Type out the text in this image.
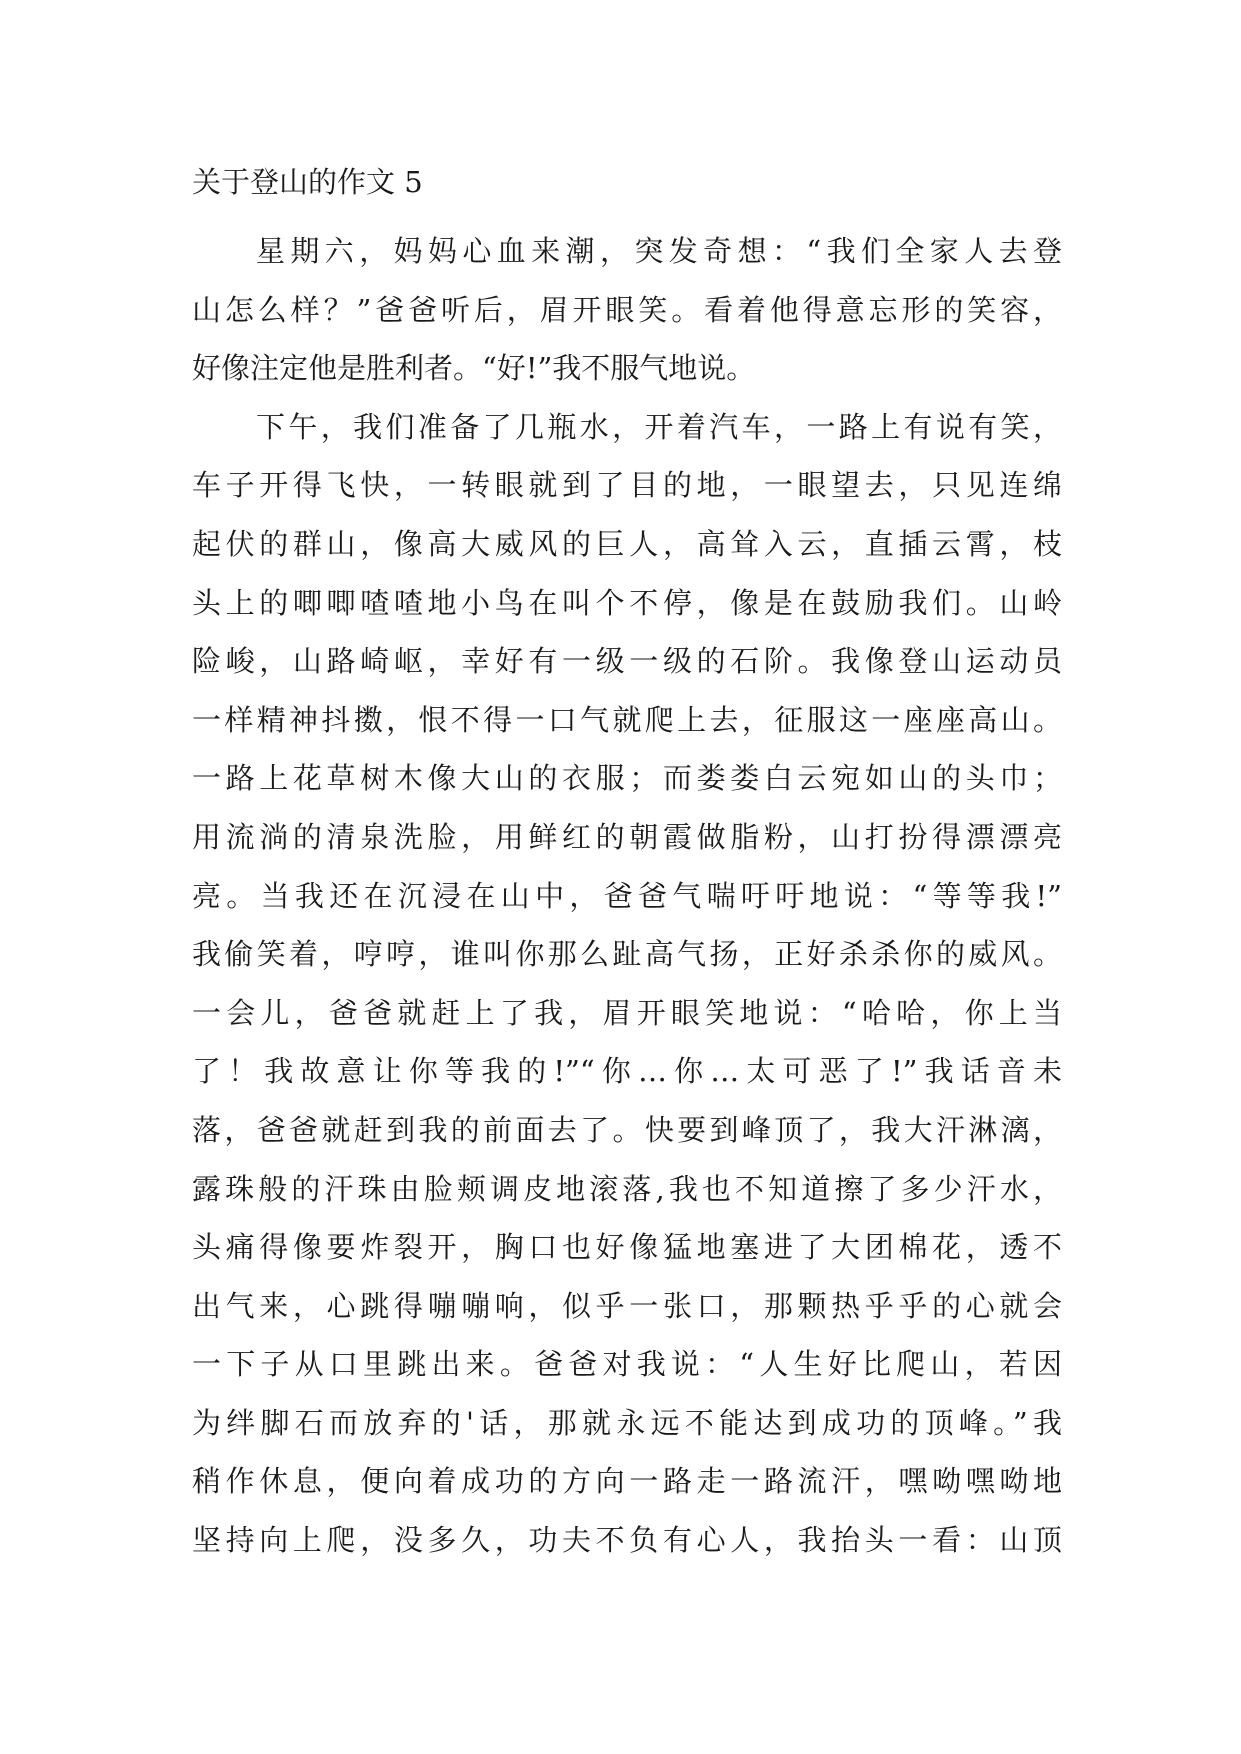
关于登山的作文 5
星期六，妈妈心血来潮，突发奇想：“我们全家人去登
山怎么样？”爸爸听后，眉开眼笑。看着他得意忘形的笑容，
好像注定他是胜利者。“好!”我不服气地说。
下午，我们准备了几瓶水，开着汽车，一路上有说有笑，
车子开得飞快，一转眼就到了目的地，一眼望去，只见连绵
起伏的群山，像高大威风的巨人，高耸入云，直插云霄，枝
头上的唧唧喳喳地小鸟在叫个不停，像是在鼓励我们。山岭
险峻，山路崎岖，幸好有一级一级的石阶。我像登山运动员
一样精神抖擞，恨不得一口气就爬上去，征服这一座座高山。
一路上花草树木像大山的衣服；而娄娄白云宛如山的头巾；
用流淌的清泉洗脸，用鲜红的朝霞做脂粉，山打扮得漂漂亮
亮。当我还在沉浸在山中，爸爸气喘吁吁地说：“等等我!”
我偷笑着，哼哼，谁叫你那么趾高气扬，正好杀杀你的威风。
一会儿，爸爸就赶上了我，眉开眼笑地说：“哈哈，你上当
了！我故意让你等我的!”“你…你…太可恶了!”我话音未
落，爸爸就赶到我的前面去了。快要到峰顶了，我大汗淋漓，
露珠般的汗珠由脸颊调皮地滚落,我也不知道擦了多少汗水，
头痛得像要炸裂开，胸口也好像猛地塞进了大团棉花，透不
出气来，心跳得嘣嘣响，似乎一张口，那颗热乎乎的心就会
一下子从口里跳出来。爸爸对我说：“人生好比爬山，若因
为绊脚石而放弃的'话，那就永远不能达到成功的顶峰。”我
稍作休息，便向着成功的方向一路走一路流汗，嘿呦嘿呦地
坚持向上爬，没多久，功夫不负有心人，我抬头一看：山顶
